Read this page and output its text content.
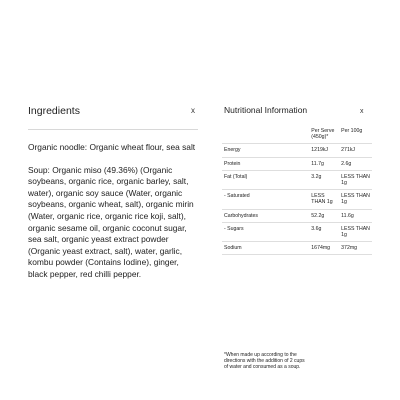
Ingredients	x

Organic noodle: Organic wheat flour, sea salt

Soup: Organic miso (49.36%) (Organic soybeans, organic rice, organic barley, salt, water), organic soy sauce (Water, organic soybeans, organic wheat, salt), organic mirin (Water, organic rice, organic rice koji, salt), organic sesame oil, organic coconut sugar, sea salt, organic yeast extract powder (Organic yeast extract, salt), water, garlic, kombu powder (Contains Iodine), ginger, black pepper, red chilli pepper.

Nutritional Information	x
	Per Serve (450g)*	Per 100g
Energy	1219kJ	271kJ
Protein	11.7g	2.6g
Fat (Total)	3.2g	LESS THAN 1g
- Saturated	LESS THAN 1g	LESS THAN 1g
Carbohydrates	52.2g	11.6g
- Sugars	3.6g	LESS THAN 1g
Sodium	1674mg	372mg
*When made up according to the directions with the addition of 2 cups of water and consumed as a soup.
